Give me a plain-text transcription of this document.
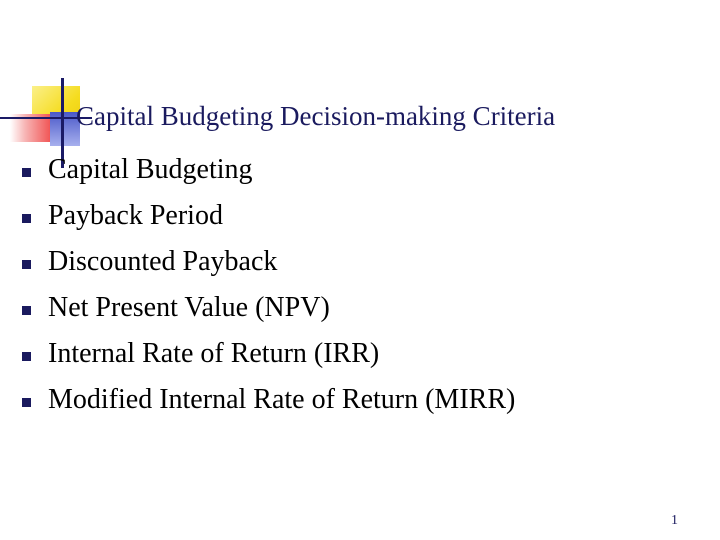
Capital Budgeting Decision-making Criteria
Capital Budgeting
Payback Period
Discounted Payback
Net Present Value (NPV)
Internal Rate of Return (IRR)
Modified Internal Rate of Return (MIRR)
1
